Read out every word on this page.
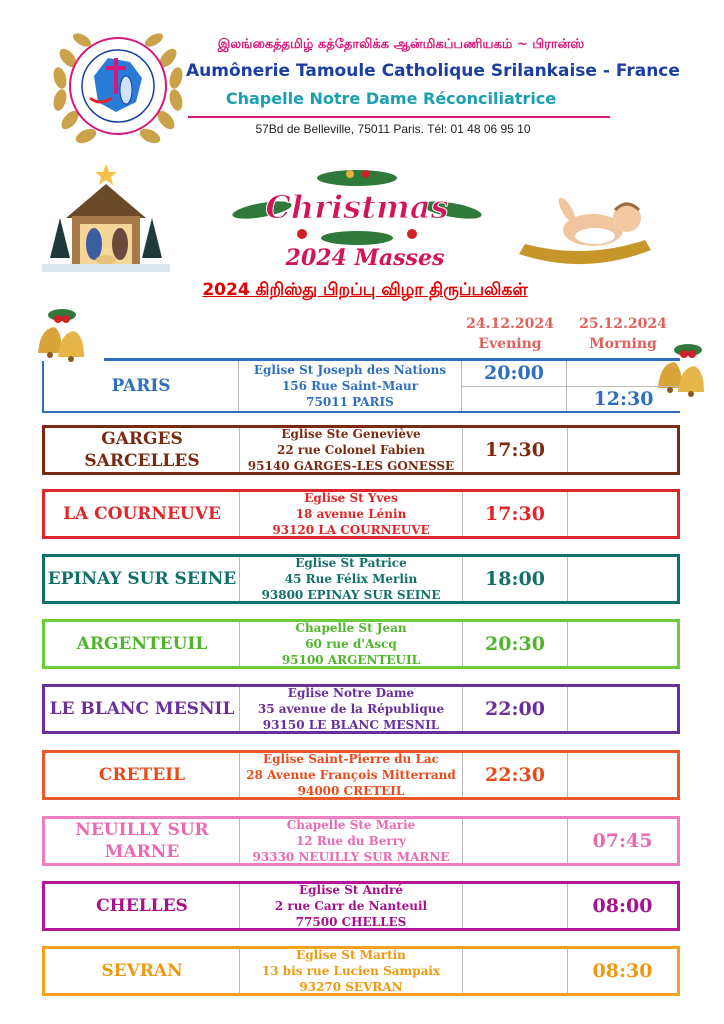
இலங்கைத்தமிழ் கத்தோலிக்க ஆன்மிகப்பணியகம் ~ பிரான்ஸ்
Aumônerie Tamoule Catholique Srilankaise - France
Chapelle Notre Dame Réconciliatrice
57Bd de Belleville, 75011 Paris. Tél: 01 48 06 95 10
Christmas
2024 Masses
2024 கிறிஸ்து பிறப்பு விழா திருப்பலிகள்
24.12.2024
Evening
25.12.2024
Morning
PARIS
Eglise St Joseph des Nations
156 Rue Saint-Maur
75011 PARIS
20:00
12:30
GARGES SARCELLES
Eglise Ste Geneviève
22 rue Colonel Fabien
95140 GARGES-LES GONESSE
17:30
LA COURNEUVE
Eglise St Yves
18 avenue Lénin
93120 LA COURNEUVE
17:30
EPINAY SUR SEINE
Eglise St Patrice
45 Rue Félix Merlin
93800 EPINAY SUR SEINE
18:00
ARGENTEUIL
Chapelle St Jean
60 rue d'Ascq
95100 ARGENTEUIL
20:30
LE BLANC MESNIL
Eglise Notre Dame
35 avenue de la République
93150 LE BLANC MESNIL
22:00
CRETEIL
Eglise Saint-Pierre du Lac
28 Avenue François Mitterrand
94000 CRETEIL
22:30
NEUILLY SUR MARNE
Chapelle Ste Marie
12 Rue du Berry
93330 NEUILLY SUR MARNE
07:45
CHELLES
Eglise St André
2 rue Carr de Nanteuil
77500 CHELLES
08:00
SEVRAN
Eglise St Martin
13 bis rue Lucien Sampaix
93270 SEVRAN
08:30
